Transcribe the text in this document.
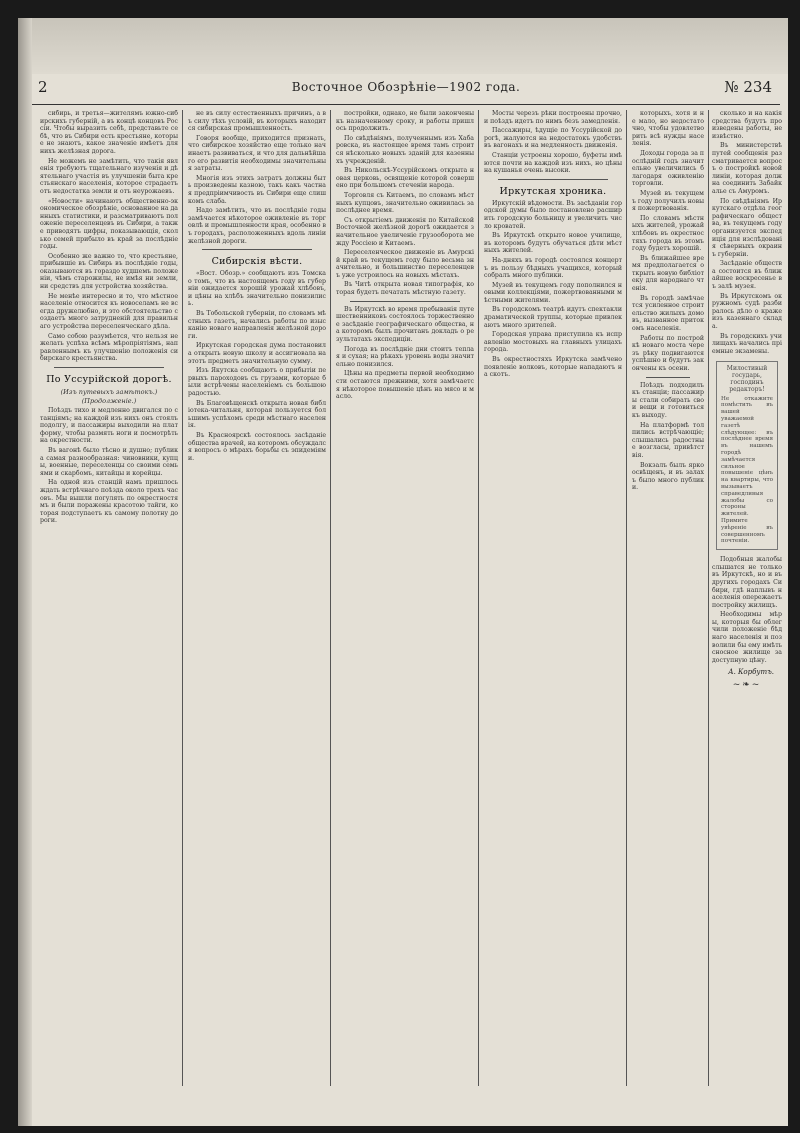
2	Восточное Обозрѣніе—1902 года.	№ 234

сибирь, и третья—жителямъ южно-сибирскихъ губерній, а въ концѣ концовъ Россіи. Чтобы выразить себѣ, представьте себѣ, что въ Сибири есть крестьяне, которые не знаютъ, какое значеніе имѣетъ для нихъ желѣзная дорога.

Не можемъ не замѣтить, что такія явленія требуютъ тщательнаго изученія и дѣятельнаго участія въ улучшеніи быта крестьянскаго населенія, которое страдаетъ отъ недостатка земли и отъ неурожаевъ.

«Новости» начинаютъ общественно-экономическое обозрѣніе, основанное на данныхъ статистики, и разсматриваютъ положеніе переселенцевъ въ Сибири, а также приводятъ цифры, показывающія, сколько семей прибыло въ край за послѣдніе годы.

Особенно же важно то, что крестьяне, прибывшіе въ Сибирь въ послѣдніе годы, оказываются въ гораздо худшемъ положеніи, чѣмъ старожилы, не имѣя ни земли, ни средствъ для устройства хозяйства.

Не менѣе интересно и то, что мѣстное населеніе относится къ новоселамъ не всегда дружелюбно, и это обстоятельство создаетъ много затрудненій для правильнаго устройства переселенческаго дѣла.

Само собою разумѣется, что нельзя не желать успѣха всѣмъ мѣропріятіямъ, направленнымъ къ улучшенію положенія сибирскаго крестьянства.

По Уссурійской дорогѣ.
(Изъ путевыхъ замѣтокъ.)
(Продолженіе.)

Поѣздъ тихо и медленно двигался по станціямъ; на каждой изъ нихъ онъ стоялъ подолгу, и пассажиры выходили на платформу, чтобы размять ноги и посмотрѣть на окрестности.

Въ вагонѣ было тѣсно и душно; публика самая разнообразная: чиновники, купцы, военные, переселенцы со своими семьями и скарбомъ, китайцы и корейцы.

На одной изъ станцій намъ пришлось ждать встрѣчнаго поѣзда около трехъ часовъ. Мы вышли погулять по окрестностямъ и были поражены красотою тайги, которая подступаетъ къ самому полотну дороги.

не въ силу естественныхъ причинъ, а въ силу тѣхъ условій, въ которыхъ находится сибирская промышленность.

Говоря вообще, приходится признать, что сибирское хозяйство еще только начинаетъ развиваться, и что для дальнѣйшаго его развитія необходимы значительныя затраты.

Многія изъ этихъ затратъ должны быть произведены казною, такъ какъ частная предпріимчивость въ Сибири еще слишкомъ слаба.

Надо замѣтить, что въ послѣдніе годы замѣчается нѣкоторое оживленіе въ торговлѣ и промышленности края, особенно въ городахъ, расположенныхъ вдоль линіи желѣзной дороги.

Сибирскія вѣсти.

«Вост. Обозр.» сообщаютъ изъ Томска о томъ, что въ настоящемъ году въ губерніи ожидается хорошій урожай хлѣбовъ, и цѣны на хлѣбъ значительно понизились.

Въ Тобольской губерніи, по словамъ мѣстныхъ газетъ, начались работы по изысканію новаго направленія желѣзной дороги.

Иркутская городская дума постановила открыть новую школу и ассигновала на этотъ предметъ значительную сумму.

Изъ Якутска сообщаютъ о прибытіи первыхъ пароходовъ съ грузами, которые были встрѣчены населеніемъ съ большою радостью.

Въ Благовѣщенскѣ открыта новая библіотека-читальня, которая пользуется большимъ успѣхомъ среди мѣстнаго населенія.

Въ Красноярскѣ состоялось засѣданіе общества врачей, на которомъ обсуждался вопросъ о мѣрахъ борьбы съ эпидеміями.

постройки, однако, не были закончены къ назначенному сроку, и работы пришлось продолжить.

По свѣдѣніямъ, полученнымъ изъ Хабаровска, въ настоящее время тамъ строится нѣсколько новыхъ зданій для казенныхъ учрежденій.

Въ Никольскѣ-Уссурійскомъ открыта новая церковь, освященіе которой совершено при большомъ стеченіи народа.

Торговля съ Китаемъ, по словамъ мѣстныхъ купцовъ, значительно оживилась за послѣднее время.

Съ открытіемъ движенія по Китайской Восточной желѣзной дорогѣ ожидается значительное увеличеніе грузооборота между Россіею и Китаемъ.

Переселенческое движеніе въ Амурскій край въ текущемъ году было весьма значительно, и большинство переселенцевъ уже устроилось на новыхъ мѣстахъ.

Въ Читѣ открыта новая типографія, которая будетъ печатать мѣстную газету.

Въ Иркутскѣ во время пребыванія путешественниковъ состоялось торжественное засѣданіе географическаго общества, на которомъ былъ прочитанъ докладъ о результатахъ экспедиціи.

Погода въ послѣдніе дни стоитъ теплая и сухая; на рѣкахъ уровень воды значительно понизился.

Цѣны на предметы первой необходимости остаются прежними, хотя замѣчается нѣкоторое повышеніе цѣнъ на мясо и масло.

Мосты черезъ рѣки построены прочно, и поѣздъ идетъ по нимъ безъ замедленія.

Пассажиры, ѣдущіе по Уссурійской дорогѣ, жалуются на недостатокъ удобствъ въ вагонахъ и на медленность движенія.

Станціи устроены хорошо, буфеты имѣются почти на каждой изъ нихъ, но цѣны на кушанья очень высоки.

Иркутская хроника.

Иркутскій вѣдомости. Въ засѣданіи городской думы было постановлено расширить городскую больницу и увеличить число кроватей.

Въ Иркутскѣ открыто новое училище, въ которомъ будутъ обучаться дѣти мѣстныхъ жителей.

На-дняхъ въ городѣ состоялся концертъ въ пользу бѣдныхъ учащихся, который собралъ много публики.

Музей въ текущемъ году пополнился новыми коллекціями, пожертвованными мѣстными жителями.

Въ городскомъ театрѣ идутъ спектакли драматической труппы, которые привлекаютъ много зрителей.

Городская управа приступила къ исправленію мостовыхъ на главныхъ улицахъ города.

Въ окрестностяхъ Иркутска замѣчено появленіе волковъ, которые нападаютъ на скотъ.

которыхъ, хотя и не мало, но недостаточно, чтобы удовлетворить всѣ нужды населенія.

Доходы города за послѣдній годъ значительно увеличились благодаря оживленію торговли.

Музей въ текущемъ году получилъ новыя пожертвованія.

По словамъ мѣстныхъ жителей, урожай хлѣбовъ въ окрестностяхъ города въ этомъ году будетъ хорошій.

Въ ближайшее время предполагается открыть новую библіотеку для народнаго чтенія.

Въ городѣ замѣчается усиленное строительство жилыхъ домовъ, вызванное притокомъ населенія.

Работы по постройкѣ новаго моста черезъ рѣку подвигаются успѣшно и будутъ закончены къ осени.

Поѣздъ подходилъ къ станціи; пассажиры стали собирать свои вещи и готовиться къ выходу.

На платформѣ толпились встрѣчающіе; слышались радостные возгласы, привѣтствія.

Вокзалъ былъ ярко освѣщенъ, и въ залахъ было много публики.

сколько и на какія средства будутъ произведены работы, неизвѣстно.

Въ министерствѣ путей сообщенія разсматривается вопросъ о постройкѣ новой линіи, которая должна соединить Забайкалье съ Амуромъ.

По свѣдѣніямъ Иркутскаго отдѣла географическаго общества, въ текущемъ году организуется экспедиція для изслѣдованія сѣверныхъ окраинъ губерніи.

Засѣданіе общества состоится въ ближайшее воскресенье въ залѣ музея.

Въ Иркутскомъ окружномъ судѣ разбиралось дѣло о краже изъ казеннаго склада.

Въ городскихъ училищахъ начались пріемные экзамены.

Милостивый государь, господинъ редакторъ!
Не откажите помѣстить въ вашей уважаемой газетѣ слѣдующее: въ послѣднее время въ нашемъ городѣ замѣчается сильное повышеніе цѣнъ на квартиры, что вызываетъ справедливыя жалобы со стороны жителей. Примите увѣреніе въ совершенномъ почтеніи.

Подобныя жалобы слышатся не только въ Иркутскѣ, но и въ другихъ городахъ Сибири, гдѣ наплывъ населенія опережаетъ постройку жилищъ.

Необходимы мѣры, которыя бы облегчили положеніе бѣднаго населенія и позволили бы ему имѣть сносное жилище за доступную цѣну.

А. Корбутъ.
~❧~
